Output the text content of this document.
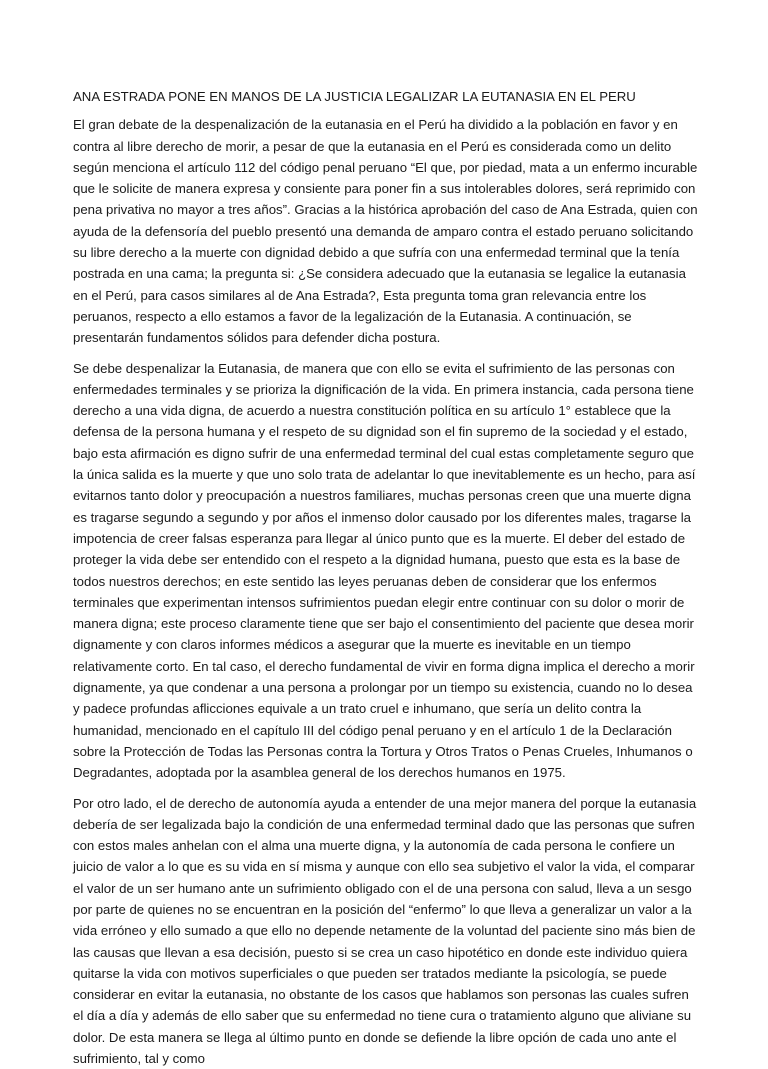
ANA ESTRADA PONE EN MANOS DE LA JUSTICIA LEGALIZAR LA EUTANASIA EN EL PERU

El gran debate de la despenalización de la eutanasia en el Perú ha dividido a la población en favor y en contra al libre derecho de morir, a pesar de que la eutanasia en el Perú es considerada como un delito según menciona el artículo 112 del código penal peruano “El que, por piedad, mata a un enfermo incurable que le solicite de manera expresa y consiente para poner fin a sus intolerables dolores, será reprimido con pena privativa no mayor a tres años”. Gracias a la histórica aprobación del caso de Ana Estrada, quien con ayuda de la defensoría del pueblo presentó una demanda de amparo contra el estado peruano solicitando su libre derecho a la muerte con dignidad debido a que sufría con una enfermedad terminal que la tenía postrada en una cama; la pregunta si: ¿Se considera adecuado que la eutanasia se legalice la eutanasia en el Perú, para casos similares al de Ana Estrada?, Esta pregunta toma gran relevancia entre los peruanos, respecto a ello estamos a favor de la legalización de la Eutanasia. A continuación, se presentarán fundamentos sólidos para defender dicha postura.

Se debe despenalizar la Eutanasia, de manera que con ello se evita el sufrimiento de las personas con enfermedades terminales y se prioriza la dignificación de la vida. En primera instancia, cada persona tiene derecho a una vida digna, de acuerdo a nuestra constitución política en su artículo 1° establece que la defensa de la persona humana y el respeto de su dignidad son el fin supremo de la sociedad y el estado, bajo esta afirmación es digno sufrir de una enfermedad terminal del cual estas completamente seguro que la única salida es la muerte y que uno solo trata de adelantar lo que inevitablemente es un hecho, para así evitarnos tanto dolor y preocupación a nuestros familiares, muchas personas creen que una muerte digna es tragarse segundo a segundo y por años el inmenso dolor causado por los diferentes males, tragarse la impotencia de creer falsas esperanza para llegar al único punto que es la muerte. El deber del estado de proteger la vida debe ser entendido con el respeto a la dignidad humana, puesto que esta es la base de todos nuestros derechos; en este sentido las leyes peruanas deben de considerar que los enfermos terminales que experimentan intensos sufrimientos puedan elegir entre continuar con su dolor o morir de manera digna; este proceso claramente tiene que ser bajo el consentimiento del paciente que desea morir dignamente y con claros informes médicos a asegurar que la muerte es inevitable en un tiempo relativamente corto. En tal caso, el derecho fundamental de vivir en forma digna implica el derecho a morir dignamente, ya que condenar a una persona a prolongar por un tiempo su existencia, cuando no lo desea y padece profundas aflicciones equivale a un trato cruel e inhumano, que sería un delito contra la humanidad, mencionado en el capítulo III del código penal peruano y en el artículo 1 de la Declaración sobre la Protección de Todas las Personas contra la Tortura y Otros Tratos o Penas Crueles, Inhumanos o Degradantes, adoptada por la asamblea general de los derechos humanos en 1975.

Por otro lado, el de derecho de autonomía ayuda a entender de una mejor manera del porque la eutanasia debería de ser legalizada bajo la condición de una enfermedad terminal dado que las personas que sufren con estos males anhelan con el alma una muerte digna, y la autonomía de cada persona le confiere un juicio de valor a lo que es su vida en sí misma y aunque con ello sea subjetivo el valor la vida, el comparar el valor de un ser humano ante un sufrimiento obligado con el de una persona con salud, lleva a un sesgo por parte de quienes no se encuentran en la posición del “enfermo” lo que lleva a generalizar un valor a la vida erróneo y ello sumado a que ello no depende netamente de la voluntad del paciente sino más bien de las causas que llevan a esa decisión, puesto si se crea un caso hipotético en donde este individuo quiera quitarse la vida con motivos superficiales o que pueden ser tratados mediante la psicología, se puede considerar en evitar la eutanasia, no obstante de los casos que hablamos son personas las cuales sufren el día a día y además de ello saber que su enfermedad no tiene cura o tratamiento alguno que aliviane su dolor. De esta manera se llega al último punto en donde se defiende la libre opción de cada uno ante el sufrimiento, tal y como
